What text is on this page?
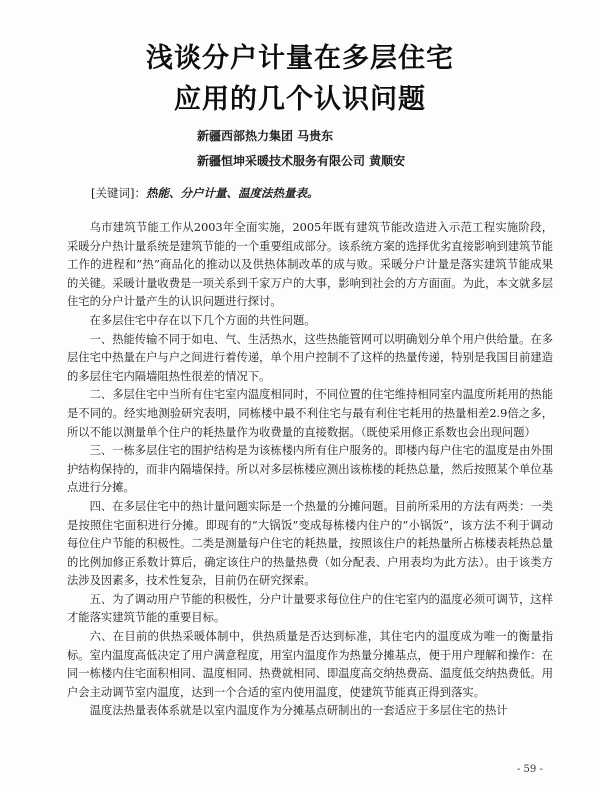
浅谈分户计量在多层住宅
应用的几个认识问题
新疆西部热力集团 马贵东
新疆恒坤采暖技术服务有限公司 黄顺安
[关键词]：热能、分户计量、温度法热量表。

乌市建筑节能工作从2003年全面实施，2005年既有建筑节能改造进入示范工程实施阶段，采暖分户热计量系统是建筑节能的一个重要组成部分。该系统方案的选择优劣直接影响到建筑节能工作的进程和”热”商品化的推动以及供热体制改革的成与败。采暖分户计量是落实建筑节能成果的关键。采暖计量收费是一项关系到千家万户的大事，影响到社会的方方面面。为此，本文就多层住宅的分户计量产生的认识问题进行探讨。

在多层住宅中存在以下几个方面的共性问题。

一、热能传输不同于如电、气、生活热水，这些热能管网可以明确划分单个用户供给量。在多层住宅中热量在户与户之间进行着传递，单个用户控制不了这样的热量传递，特别是我国目前建造的多层住宅内隔墙阻热性很差的情况下。

二、多层住宅中当所有住宅室内温度相同时，不同位置的住宅维持相同室内温度所耗用的热能是不同的。经实地测验研究表明，同栋楼中最不利住宅与最有利住宅耗用的热量相差2.9倍之多，所以不能以测量单个住户的耗热量作为收费量的直接数据。（既使采用修正系数也会出现问题）

三、一栋多层住宅的围护结构是为该栋楼内所有住户服务的。即楼内每户住宅的温度是由外围护结构保持的，而非内隔墙保持。所以对多层栋楼应测出该栋楼的耗热总量，然后按照某个单位基点进行分摊。

四、在多层住宅中的热计量问题实际是一个热量的分摊问题。目前所采用的方法有两类：一类是按照住宅面积进行分摊。即现有的“大锅饭”变成每栋楼内住户的“小锅饭”，该方法不利于调动每位住户节能的积极性。二类是测量每户住宅的耗热量，按照该住户的耗热量所占栋楼表耗热总量的比例加修正系数计算后，确定该住户的热量热费（如分配表、户用表均为此方法）。由于该类方法涉及因素多，技术性复杂，目前仍在研究探索。

五、为了调动用户节能的积极性，分户计量要求每位住户的住宅室内的温度必须可调节，这样才能落实建筑节能的重要目标。

六、在目前的供热采暖体制中，供热质量是否达到标准，其住宅内的温度成为唯一的衡量指标。室内温度高低决定了用户满意程度，用室内温度作为热量分摊基点，便于用户理解和操作：在同一栋楼内住宅面积相同、温度相同、热费就相同、即温度高交纳热费高、温度低交纳热费低。用户会主动调节室内温度，达到一个合适的室内使用温度，使建筑节能真正得到落实。

温度法热量表体系就是以室内温度作为分摊基点研制出的一套适应于多层住宅的热计

- 59 -
